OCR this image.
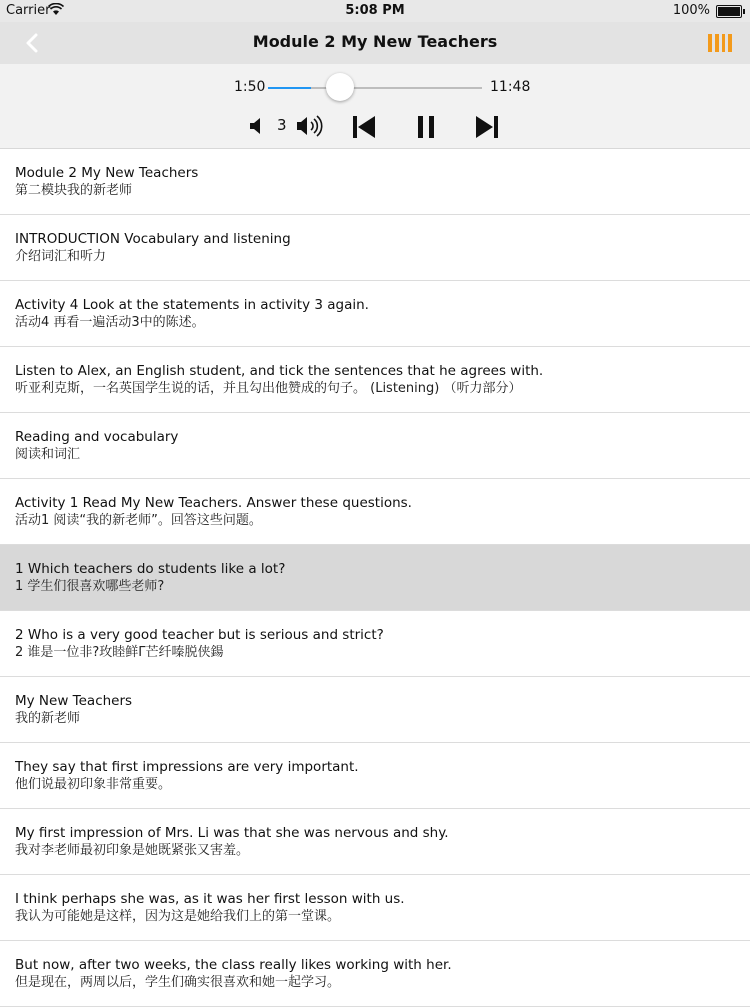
Carrier	5:08 PM	100%
Module 2 My New Teachers
1:50	11:48
3
Module 2 My New Teachers
第二模块我的新老师
INTRODUCTION Vocabulary and listening
介绍词汇和听力
Activity 4 Look at the statements in activity 3 again.
活动4 再看一遍活动3中的陈述。
Listen to Alex, an English student, and tick the sentences that he agrees with.
听亚利克斯，一名英国学生说的话，并且勾出他赞成的句子。 (Listening) （听力部分）
Reading and vocabulary
阅读和词汇
Activity 1 Read My New Teachers. Answer these questions.
活动1 阅读“我的新老师”。回答这些问题。
1 Which teachers do students like a lot?
1 学生们很喜欢哪些老师?
2 Who is a very good teacher but is serious and strict?
2 谁是一位非?玫睦鲜Γ芒纤嗪脱侠鍚
My New Teachers
我的新老师
They say that first impressions are very important.
他们说最初印象非常重要。
My first impression of Mrs. Li was that she was nervous and shy.
我对李老师最初印象是她既紧张又害羞。
I think perhaps she was, as it was her first lesson with us.
我认为可能她是这样，因为这是她给我们上的第一堂课。
But now, after two weeks, the class really likes working with her.
但是现在，两周以后，学生们确实很喜欢和她一起学习。
